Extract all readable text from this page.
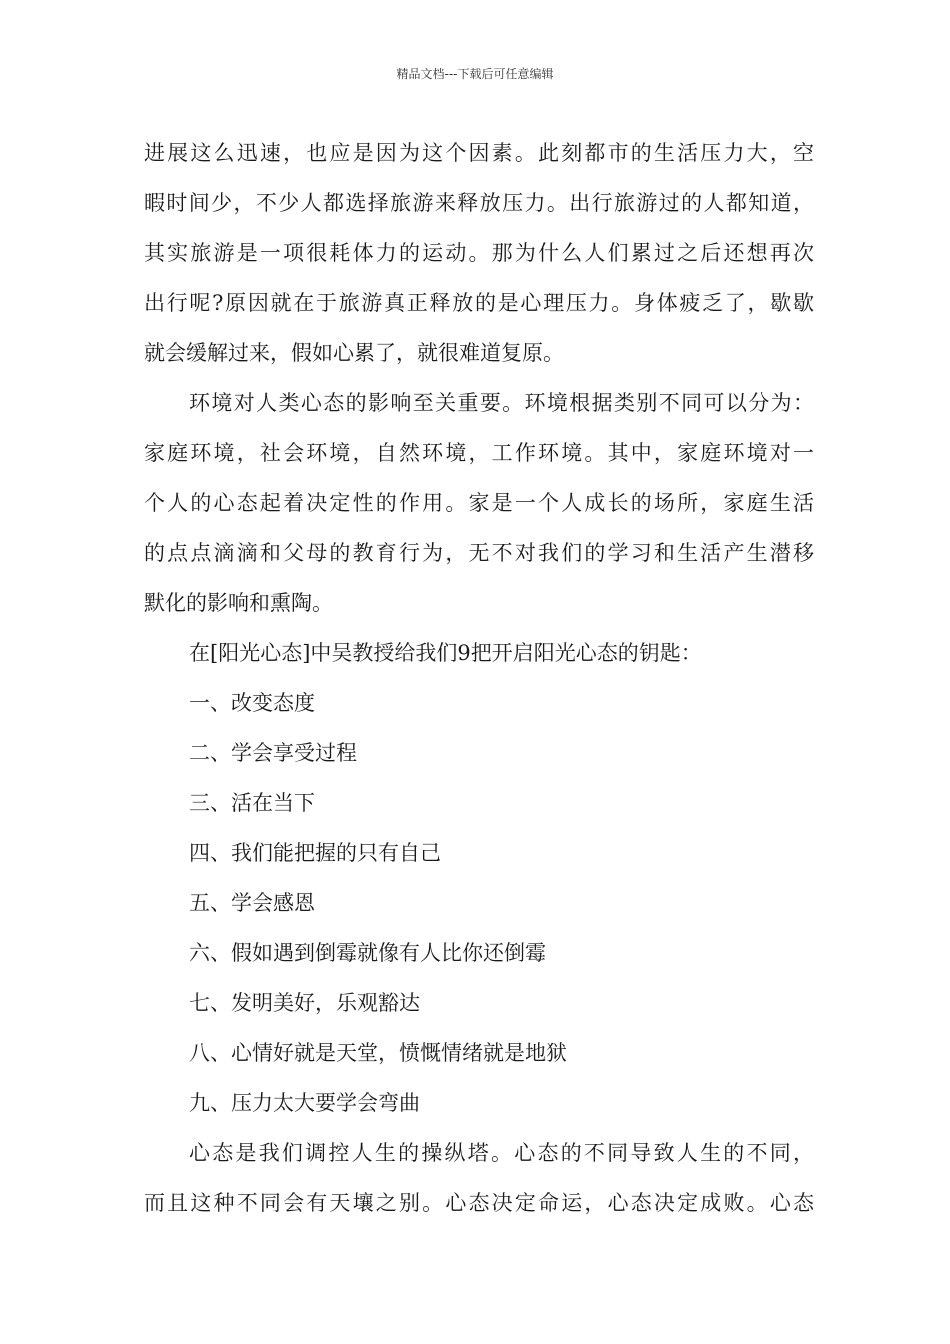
精品文档---下载后可任意编辑
进展这么迅速，也应是因为这个因素。此刻都市的生活压力大，空
暇时间少，不少人都选择旅游来释放压力。出行旅游过的人都知道，
其实旅游是一项很耗体力的运动。那为什么人们累过之后还想再次
出行呢?原因就在于旅游真正释放的是心理压力。身体疲乏了，歇歇
就会缓解过来，假如心累了，就很难道复原。
环境对人类心态的影响至关重要。环境根据类别不同可以分为：
家庭环境，社会环境，自然环境，工作环境。其中，家庭环境对一
个人的心态起着决定性的作用。家是一个人成长的场所，家庭生活
的点点滴滴和父母的教育行为，无不对我们的学习和生活产生潜移
默化的影响和熏陶。
在[阳光心态]中吴教授给我们9把开启阳光心态的钥匙：
一、改变态度
二、学会享受过程
三、活在当下
四、我们能把握的只有自己
五、学会感恩
六、假如遇到倒霉就像有人比你还倒霉
七、发明美好，乐观豁达
八、心情好就是天堂，愤慨情绪就是地狱
九、压力太大要学会弯曲
心态是我们调控人生的操纵塔。心态的不同导致人生的不同，
而且这种不同会有天壤之别。心态决定命运，心态决定成败。心态
